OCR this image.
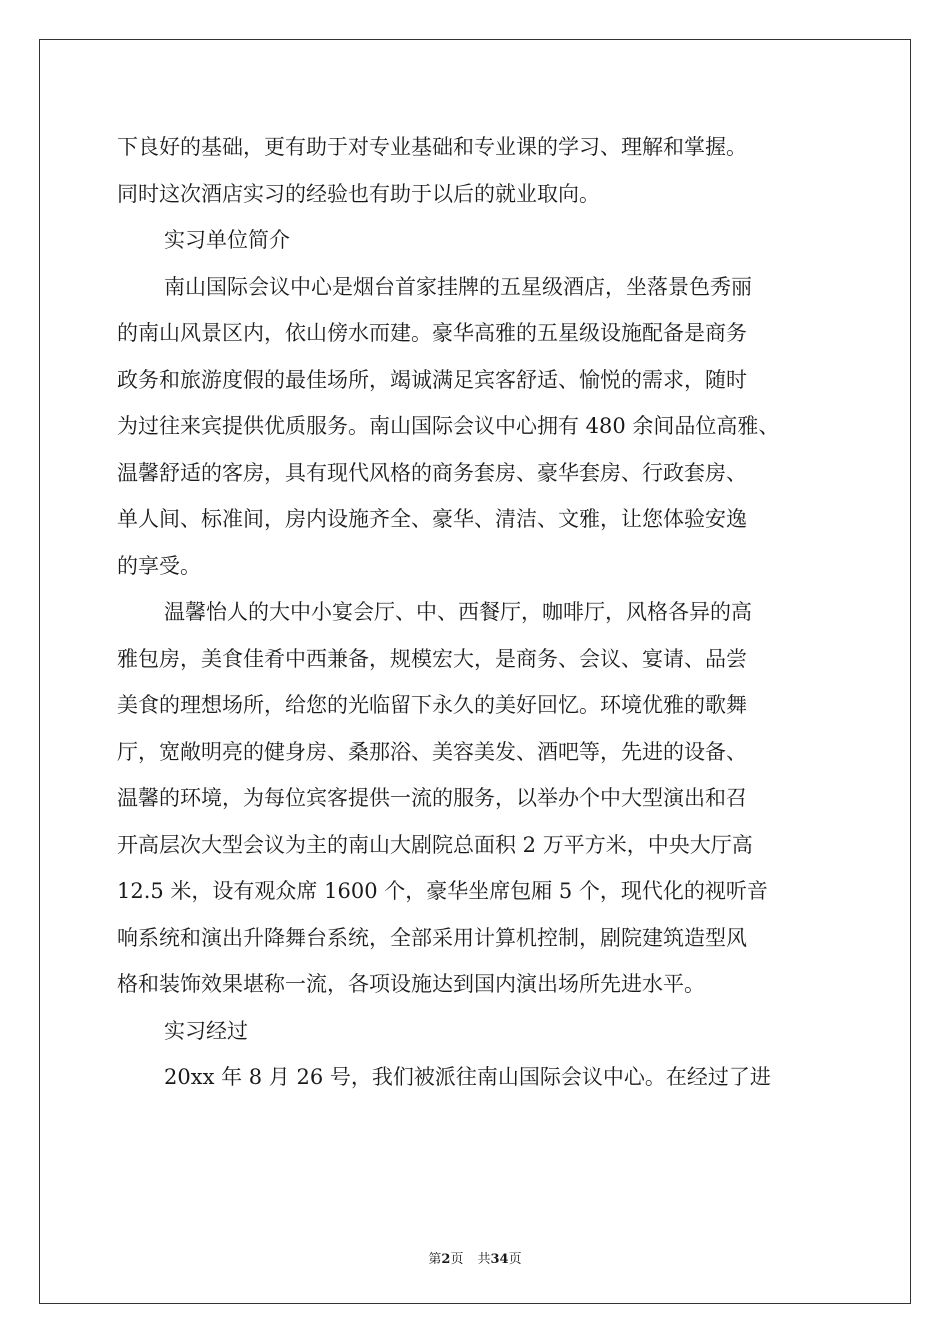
下良好的基础，更有助于对专业基础和专业课的学习、理解和掌握。
同时这次酒店实习的经验也有助于以后的就业取向。
实习单位简介
南山国际会议中心是烟台首家挂牌的五星级酒店，坐落景色秀丽
的南山风景区内，依山傍水而建。豪华高雅的五星级设施配备是商务
政务和旅游度假的最佳场所，竭诚满足宾客舒适、愉悦的需求，随时
为过往来宾提供优质服务。南山国际会议中心拥有 480 余间品位高雅、
温馨舒适的客房，具有现代风格的商务套房、豪华套房、行政套房、
单人间、标准间，房内设施齐全、豪华、清洁、文雅，让您体验安逸
的享受。
温馨怡人的大中小宴会厅、中、西餐厅，咖啡厅，风格各异的高
雅包房，美食佳肴中西兼备，规模宏大，是商务、会议、宴请、品尝
美食的理想场所，给您的光临留下永久的美好回忆。环境优雅的歌舞
厅，宽敞明亮的健身房、桑那浴、美容美发、酒吧等，先进的设备、
温馨的环境，为每位宾客提供一流的服务，以举办个中大型演出和召
开高层次大型会议为主的南山大剧院总面积 2 万平方米，中央大厅高
12.5 米，设有观众席 1600 个，豪华坐席包厢 5 个，现代化的视听音
响系统和演出升降舞台系统，全部采用计算机控制，剧院建筑造型风
格和装饰效果堪称一流，各项设施达到国内演出场所先进水平。
实习经过
20xx 年 8 月 26 号，我们被派往南山国际会议中心。在经过了进
第2页 共34页
